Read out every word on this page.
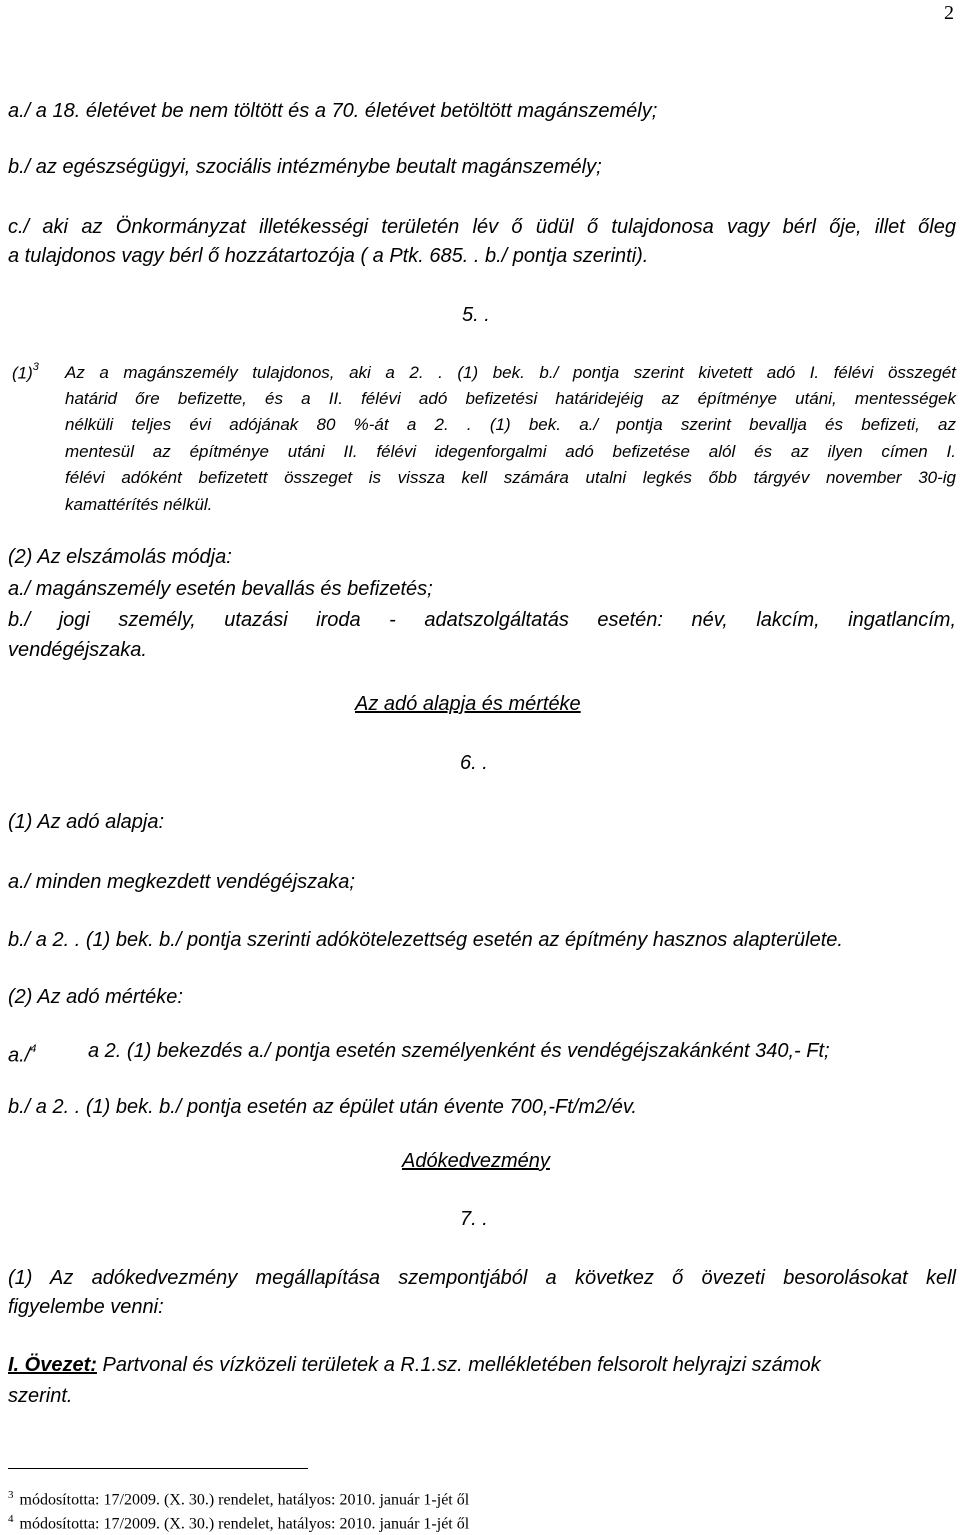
2
a./ a 18. életévet be nem töltött és a 70. életévet betöltött magánszemély;
b./ az egészségügyi, szociális intézménybe beutalt magánszemély;
c./ aki az Önkormányzat illetékességi területén lév ő üdül ő tulajdonosa vagy bérl ője, illet őleg
a tulajdonos vagy bérl ő hozzátartozója ( a Ptk. 685. . b./ pontja szerinti).
5. .
$(1)^3$ Az a magánszemély tulajdonos, aki a 2. . (1) bek. b./ pontja szerint kivetett adó I. félévi összegét
határid őre befizette, és a II. félévi adó befizetési határidejéig az építménye utáni, mentességek
nélküli teljes évi adójának 80 %-át a 2. . (1) bek. a./ pontja szerint bevallja és befizeti, az
mentesül az építménye utáni II. félévi idegenforgalmi adó befizetése alól és az ilyen címen I.
félévi adóként befizetett összeget is vissza kell számára utalni legkés őbb tárgyév november 30-ig
kamattérítés nélkül.
(2) Az elszámolás módja:
a./ magánszemély esetén bevallás és befizetés;
b./ jogi személy, utazási iroda - adatszolgáltatás esetén: név, lakcím, ingatlancím,
vendégéjszaka.
Az adó alapja és mértéke
6. .
(1) Az adó alapja:
a./ minden megkezdett vendégéjszaka;
b./ a 2. . (1) bek. b./ pontja szerinti adókötelezettség esetén az építmény hasznos alapterülete.
(2) Az adó mértéke:
a./$^4$	a 2. (1) bekezdés a./ pontja esetén személyenként és vendégéjszakánként 340,- Ft;
b./ a 2. . (1) bek. b./ pontja esetén az épület után évente 700,-Ft/m2/év.
Adókedvezmény
7. .
(1) Az adókedvezmény megállapítása szempontjából a következ ő övezeti besorolásokat kell
figyelembe venni:
I. Övezet: Partvonal és vízközeli területek a R.1.sz. mellékletében felsorolt helyrajzi számok
szerint.
$^3$ módosította: 17/2009. (X. 30.) rendelet, hatályos: 2010. január 1-jét ől
$^4$ módosította: 17/2009. (X. 30.) rendelet, hatályos: 2010. január 1-jét ől
